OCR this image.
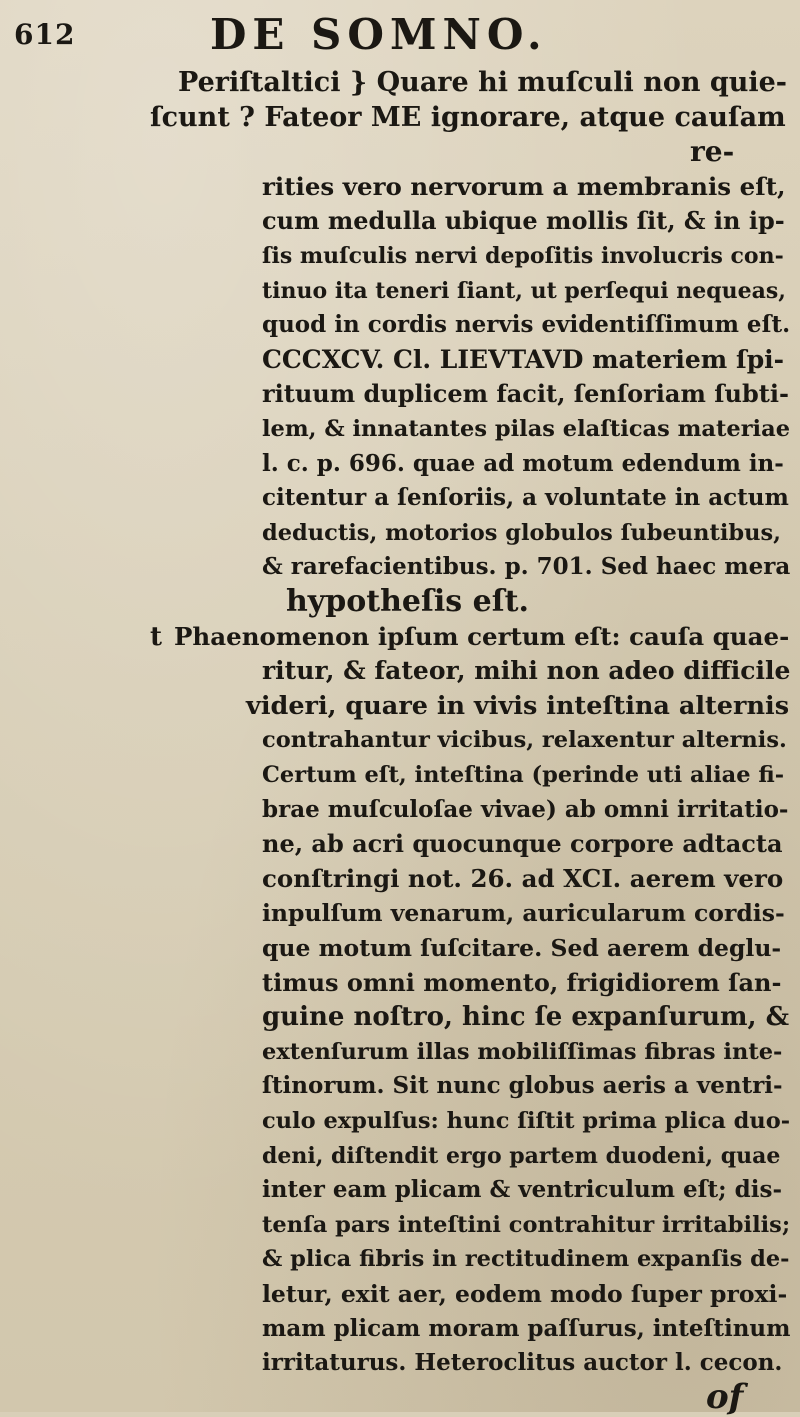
612	DE SOMNO.
Periſtaltici } Quare hi muſculi non quie-
ſcunt ? Fateor ME ignorare, atque cauſam
re-
rities vero nervorum a membranis eſt,
cum medulla ubique mollis ſit, & in ip-
ſis muſculis nervi depoſitis involucris con-
tinuo ita teneri ſiant, ut perſequi nequeas,
quod in cordis nervis evidentiſſimum eſt.
CCCXCV. Cl. LIEVTAVD materiem ſpi-
rituum duplicem facit, ſenſoriam ſubti-
lem, & innatantes pilas elaſticas materiae
l. c. p. 696. quae ad motum edendum in-
citentur a ſenſoriis, a voluntate in actum
deductis, motorios globulos ſubeuntibus,
& rarefacientibus. p. 701. Sed haec mera
hypotheſis eſt.
t Phaenomenon ipſum certum eſt: cauſa quae-
ritur, & fateor, mihi non adeo difficile
videri, quare in vivis inteſtina alternis
contrahantur vicibus, relaxentur alternis.
Certum eſt, inteſtina (perinde uti aliae fi-
brae muſculoſae vivae) ab omni irritatio-
ne, ab acri quocunque corpore adtacta
conſtringi not. 26. ad XCI. aerem vero
inpulſum venarum, auricularum cordis-
que motum ſuſcitare. Sed aerem deglu-
timus omni momento, frigidiorem ſan-
guine noſtro, hinc ſe expanſurum, &
extenſurum illas mobiliſſimas fibras inte-
ſtinorum. Sit nunc globus aeris a ventri-
culo expulſus: hunc ſiſtit prima plica duo-
deni, diſtendit ergo partem duodeni, quae
inter eam plicam & ventriculum eſt; dis-
tenſa pars inteſtini contrahitur irritabilis;
& plica fibris in rectitudinem expanſis de-
letur, exit aer, eodem modo ſuper proxi-
mam plicam moram paſſurus, inteſtinum
irritaturus. Heteroclitus auctor l. cecon.
of
